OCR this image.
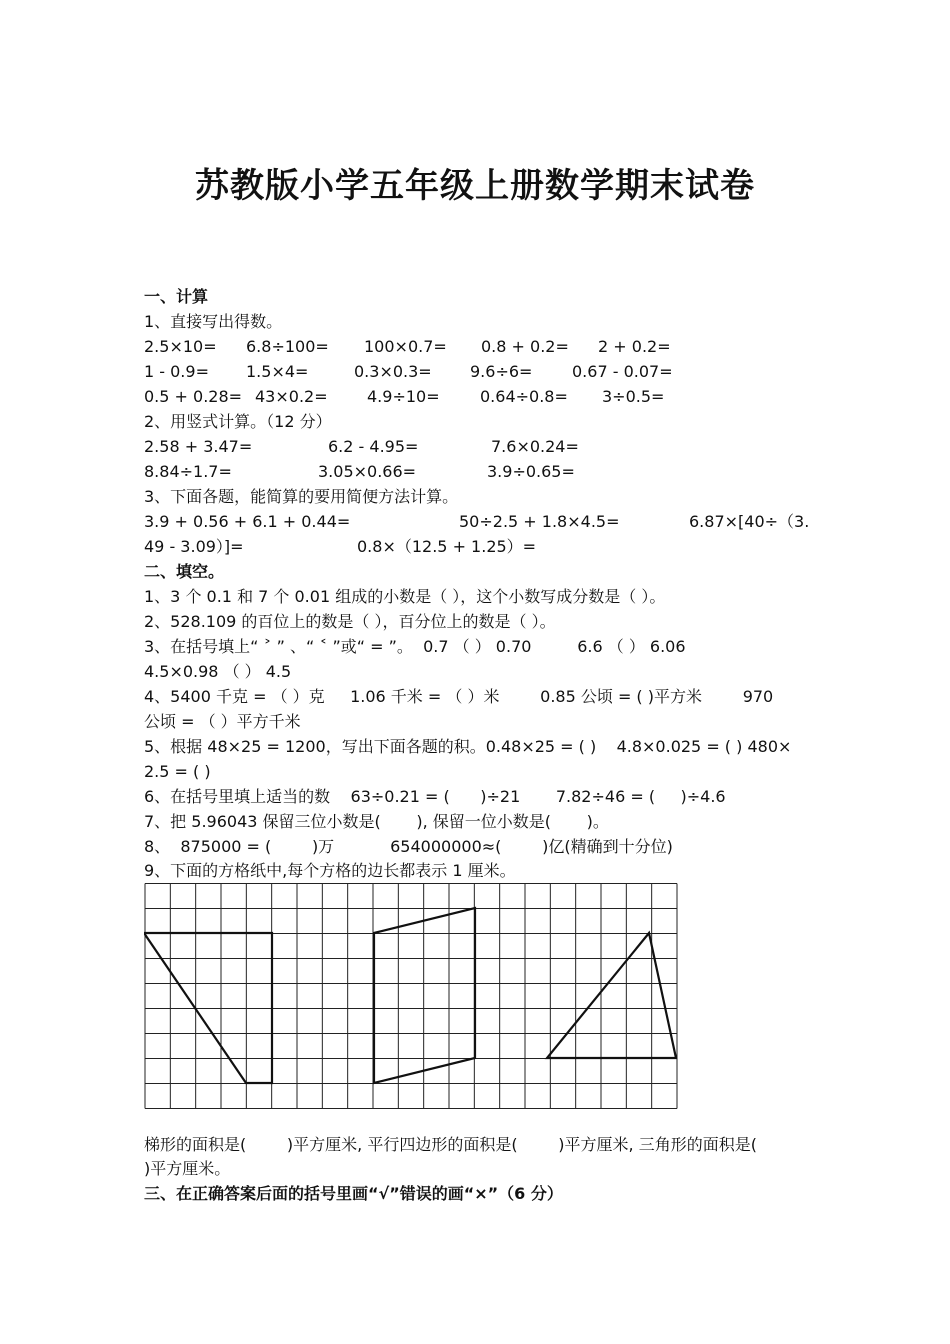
苏教版小学五年级上册数学期末试卷
一、计算
1、直接写出得数。
2.5×10= 6.8÷100= 100×0.7= 0.8 + 0.2= 2 + 0.2=
1 - 0.9= 1.5×4=	0.3×0.3= 9.6÷6= 0.67 - 0.07=
0.5 + 0.28= 43×0.2= 4.9÷10=	0.64÷0.8= 3÷0.5=
2、用竖式计算。（12 分）
2.58 + 3.47=	6.2 - 4.95=	7.6×0.24=
8.84÷1.7=	3.05×0.66=	3.9÷0.65=
3、下面各题，能简算的要用简便方法计算。
3.9 + 0.56 + 6.1 + 0.44=	50÷2.5 + 1.8×4.5=	6.87×[40÷（3.
49 - 3.09）]=	0.8×（12.5 + 1.25）=
二、填空。
1、3 个 0.1 和 7 个 0.01 组成的小数是（ ），这个小数写成分数是（ ）。
2、528.109 的百位上的数是（ ），百分位上的数是（ ）。
3、在括号填上“ ˃ ” 、“ ˂ ”或“ = ”。  0.7 （ ） 0.70         6.6 （ ） 6.06
4.5×0.98 （ ） 4.5
4、5400 千克 = （ ）克     1.06 千米 = （ ）米        0.85 公顷 = ( )平方米        970
公顷 = （ ）平方千米
5、根据 48×25 = 1200，写出下面各题的积。0.48×25 = ( )    4.8×0.025 = ( ) 480×
2.5 = ( )
6、在括号里填上适当的数    63÷0.21 = (      )÷21       7.82÷46 = (     )÷4.6
7、把 5.96043 保留三位小数是(       ), 保留一位小数是(       )。
8、  875000 = (        )万           654000000≈(        )亿(精确到十分位)
9、下面的方格纸中,每个方格的边长都表示 1 厘米。
梯形的面积是(        )平方厘米, 平行四边形的面积是(        )平方厘米, 三角形的面积是(
)平方厘米。
三、在正确答案后面的括号里画“√”错误的画“×”（6 分）
